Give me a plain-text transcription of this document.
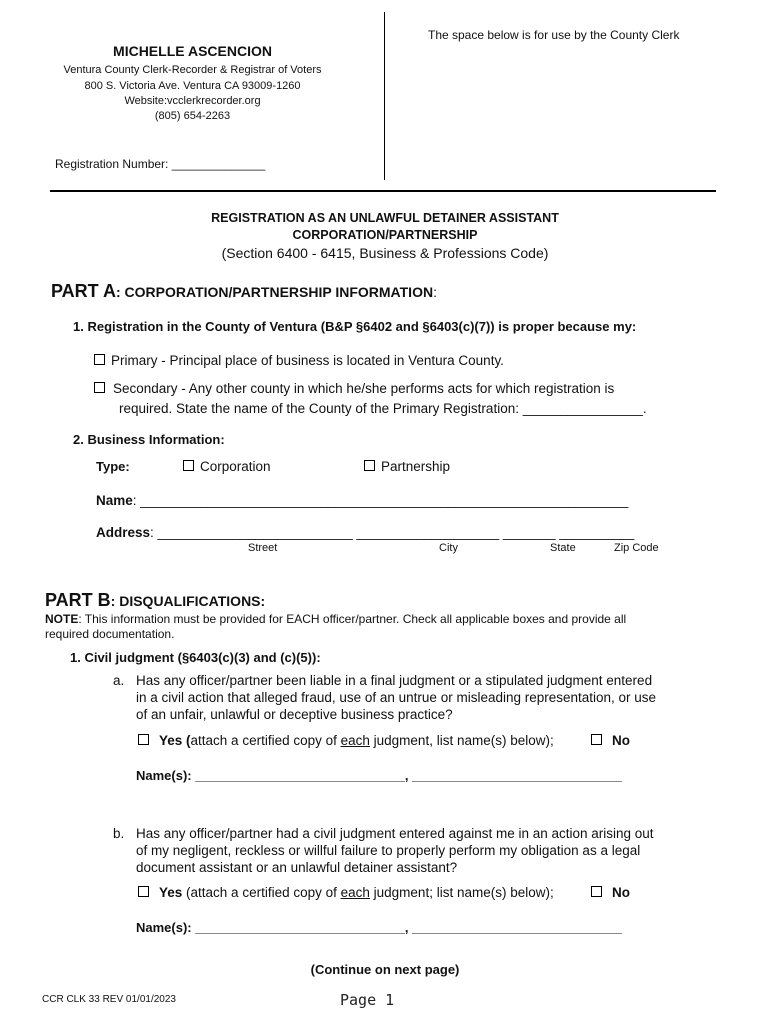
The space below is for use by the County Clerk
MICHELLE ASCENCION
Ventura County Clerk-Recorder & Registrar of Voters
800 S. Victoria Ave. Ventura CA 93009-1260
Website:vcclerkrecorder.org
(805) 654-2263
Registration Number: ______________
REGISTRATION AS AN UNLAWFUL DETAINER ASSISTANT
CORPORATION/PARTNERSHIP
(Section 6400 - 6415, Business & Professions Code)
PART A: CORPORATION/PARTNERSHIP INFORMATION:
1. Registration in the County of Ventura (B&P §6402 and §6403(c)(7)) is proper because my:
Primary - Principal place of business is located in Ventura County.
Secondary - Any other county in which he/she performs acts for which registration is
required. State the name of the County of the Primary Registration: ________________.
2. Business Information:
Type:	Corporation	Partnership
Name: _________________________________________________________________
Address: __________________________ ___________________ _______ __________
Street	City	State	Zip Code
PART B: DISQUALIFICATIONS:
NOTE: This information must be provided for EACH officer/partner. Check all applicable boxes and provide all
required documentation.
1. Civil judgment (§6403(c)(3) and (c)(5)):
a. Has any officer/partner been liable in a final judgment or a stipulated judgment entered
in a civil action that alleged fraud, use of an untrue or misleading representation, or use
of an unfair, unlawful or deceptive business practice?
Yes (attach a certified copy of each judgment, list name(s) below);	No
Name(s): _____________________________, _____________________________
b. Has any officer/partner had a civil judgment entered against me in an action arising out
of my negligent, reckless or willful failure to properly perform my obligation as a legal
document assistant or an unlawful detainer assistant?
Yes (attach a certified copy of each judgment; list name(s) below);	No
Name(s): _____________________________, _____________________________
(Continue on next page)
CCR CLK 33 REV 01/01/2023	Page 1
